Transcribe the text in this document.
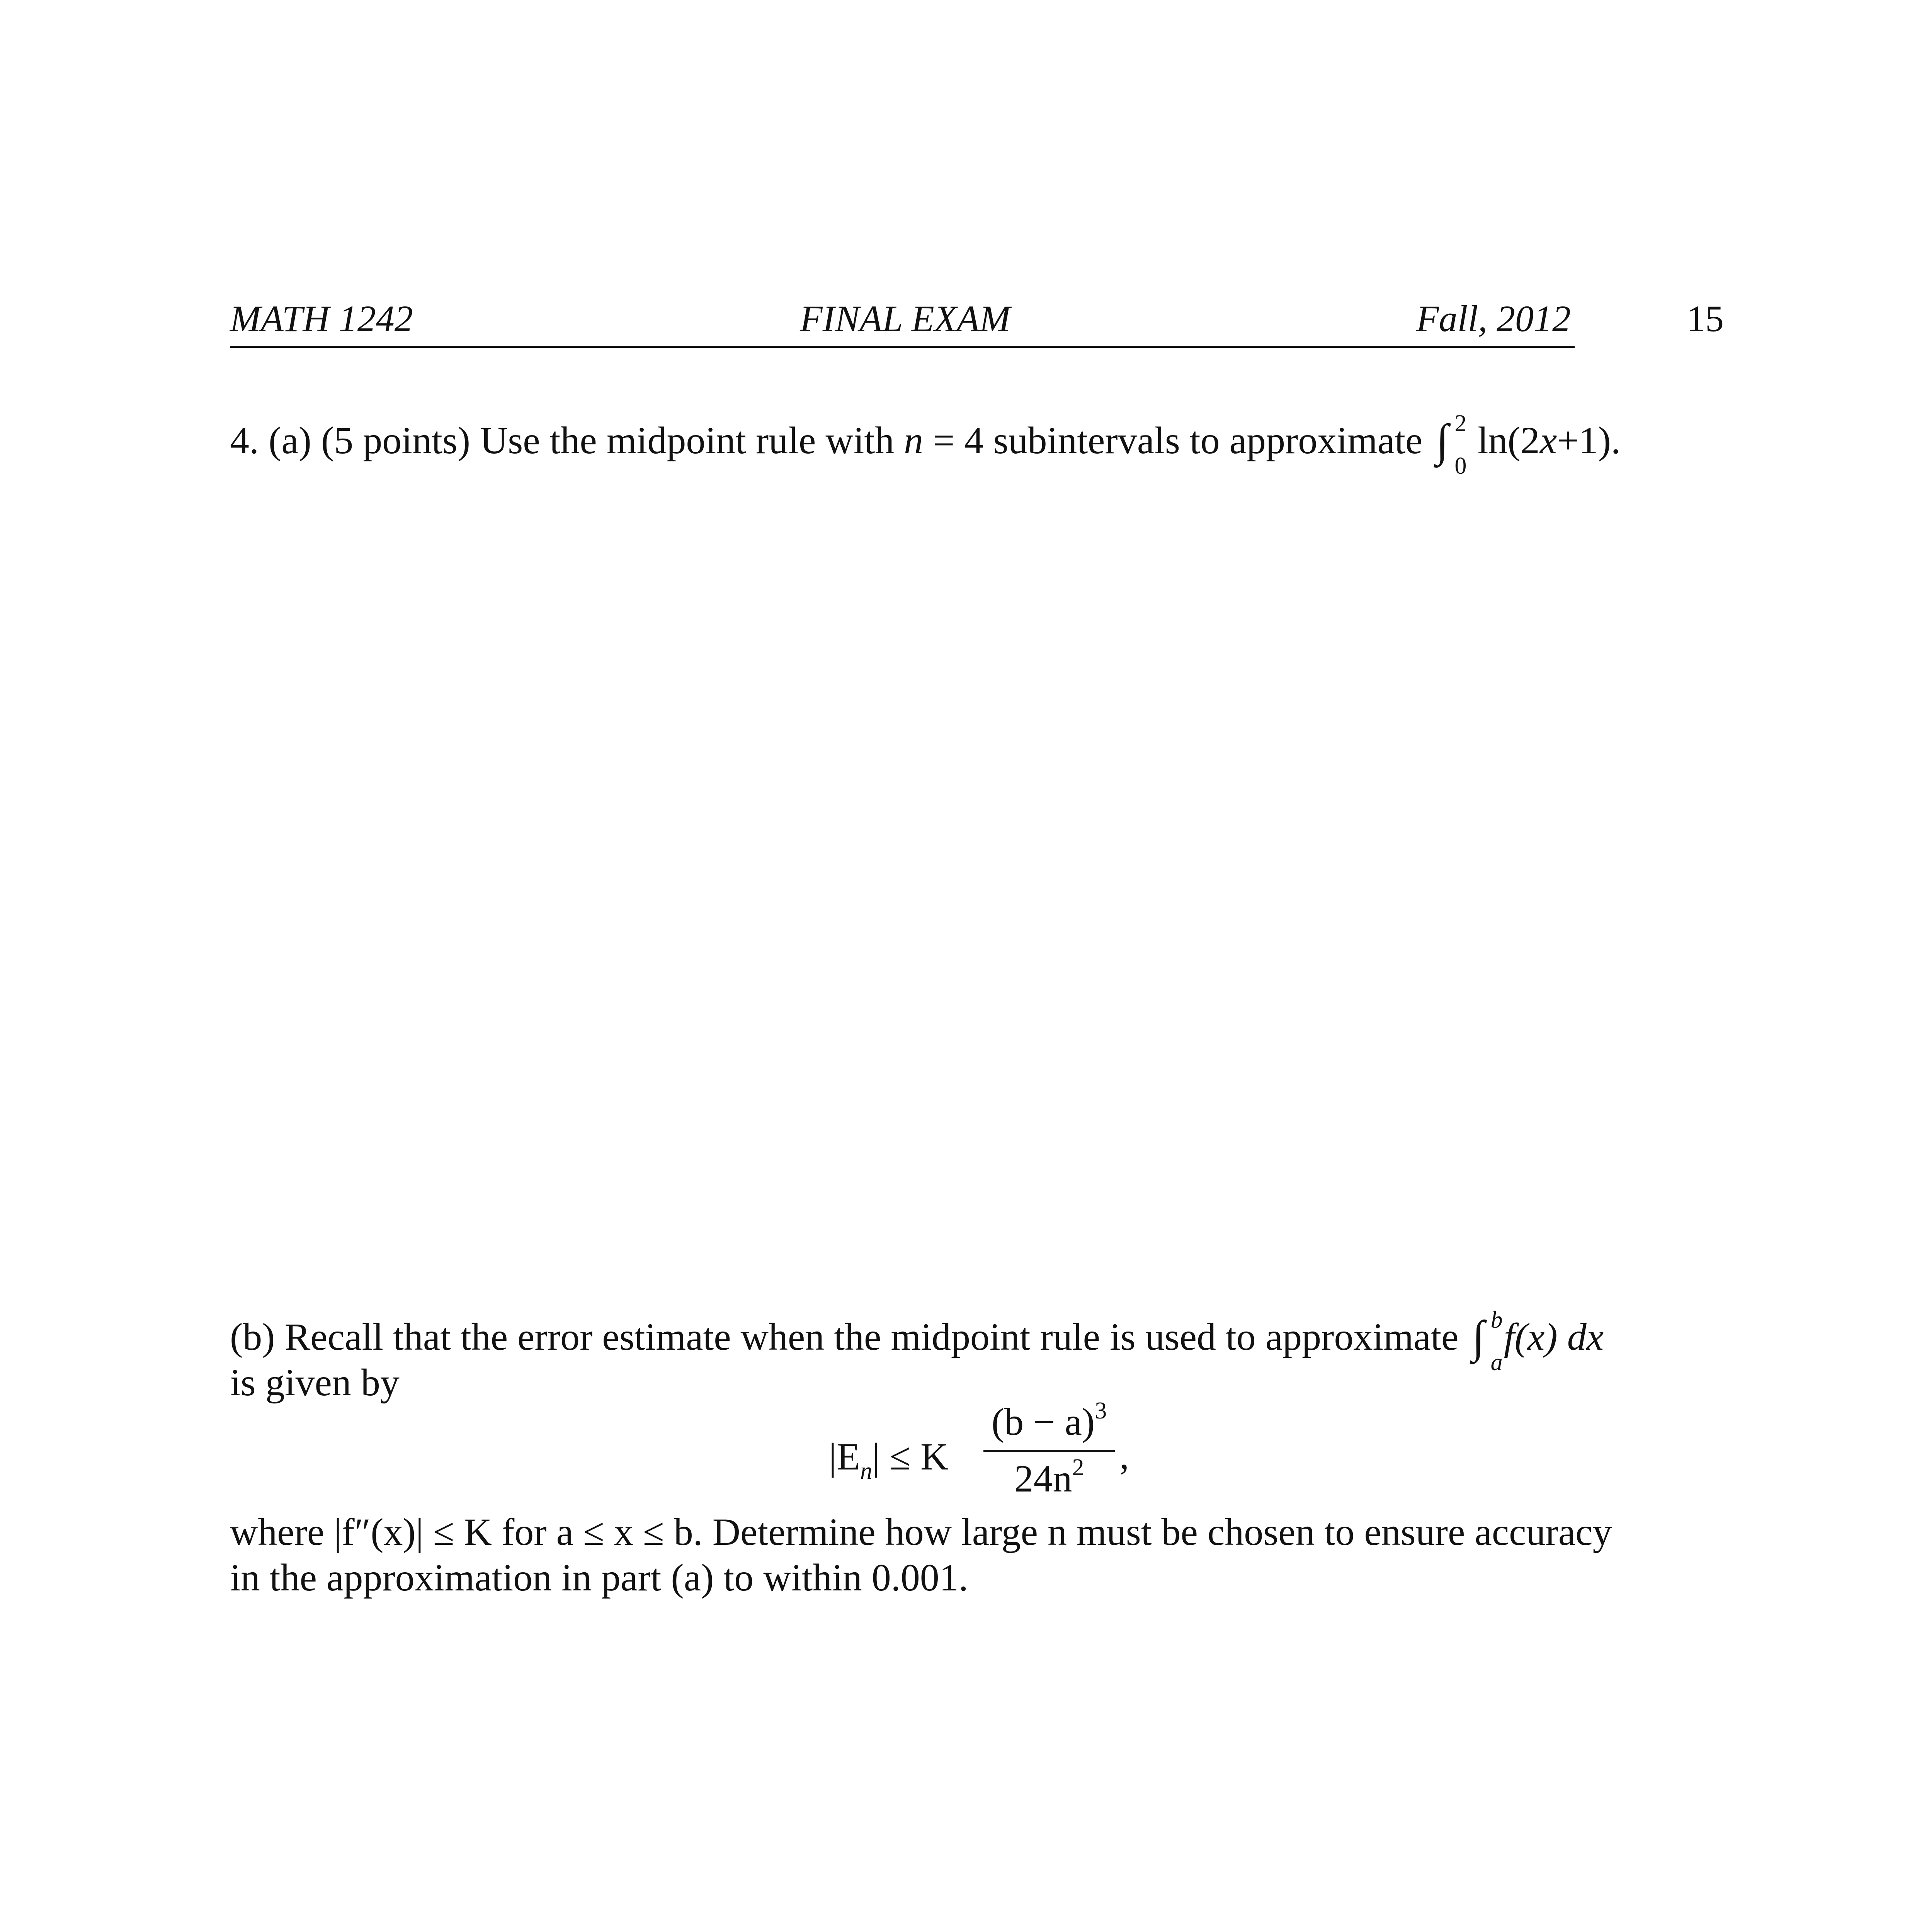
MATH 1242	FINAL EXAM	Fall, 2012	15
4. (a) (5 points) Use the midpoint rule with n = 4 subintervals to approximate ∫ 2
0
ln(2x+1).
(b) Recall that the error estimate when the midpoint rule is used to approximate ∫ b
a
f(x) dx
is given by
$|E_n| \le K$
$(b - a)^3$
$24n^2$ ,
where |f″(x)| ≤ K for a ≤ x ≤ b. Determine how large n must be chosen to ensure accuracy
in the approximation in part (a) to within 0.001.
